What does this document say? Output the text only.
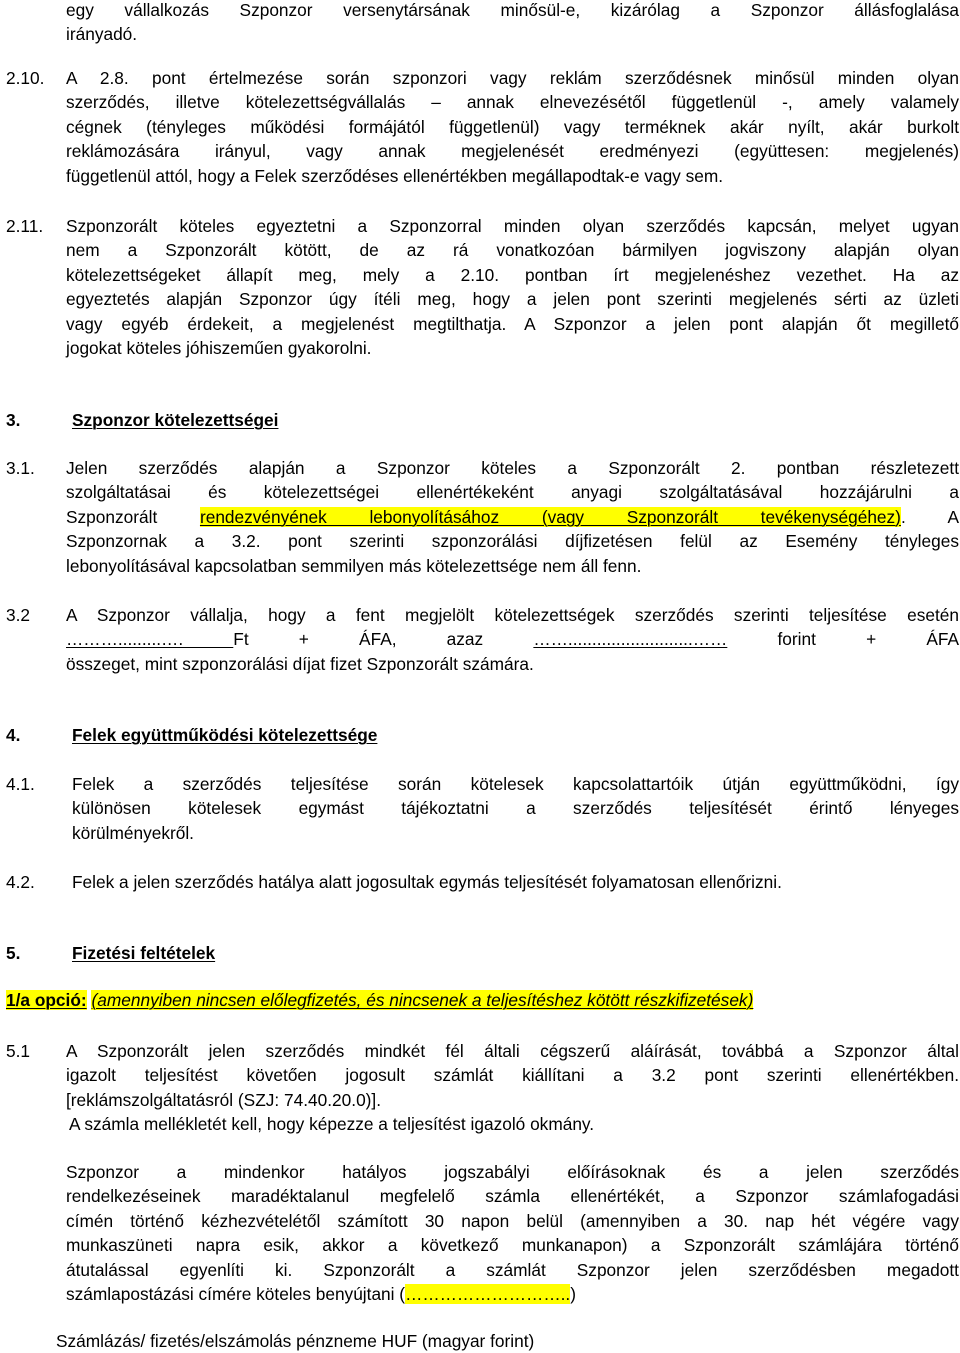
egy vállalkozás Szponzor versenytársának minősül-e, kizárólag a Szponzor állásfoglalása
irányadó.
2.10. A 2.8. pont értelmezése során szponzori vagy reklám szerződésnek minősül minden olyan
szerződés, illetve kötelezettségvállalás – annak elnevezésétől függetlenül -, amely valamely
cégnek (tényleges működési formájától függetlenül) vagy terméknek akár nyílt, akár burkolt
reklámozására irányul, vagy annak megjelenését eredményezi (együttesen: megjelenés)
függetlenül attól, hogy a Felek szerződéses ellenértékben megállapodtak-e vagy sem.
2.11. Szponzorált köteles egyeztetni a Szponzorral minden olyan szerződés kapcsán, melyet ugyan
nem a Szponzorált kötött, de az rá vonatkozóan bármilyen jogviszony alapján olyan
kötelezettségeket állapít meg, mely a 2.10. pontban írt megjelenéshez vezethet. Ha az
egyeztetés alapján Szponzor úgy ítéli meg, hogy a jelen pont szerinti megjelenés sérti az üzleti
vagy egyéb érdekeit, a megjelenést megtilthatja. A Szponzor a jelen pont alapján őt megillető
jogokat köteles jóhiszeműen gyakorolni.
3.	Szponzor kötelezettségei
3.1. Jelen szerződés alapján a Szponzor köteles a Szponzorált 2. pontban részletezett
szolgáltatásai és kötelezettségei ellenértékeként anyagi szolgáltatásával hozzájárulni a
Szponzorált rendezvényének lebonyolításához (vagy Szponzorált tevékenységéhez). A
Szponzornak a 3.2. pont szerinti szponzorálási díjfizetésen felül az Esemény tényleges
lebonyolításával kapcsolatban semmilyen más kötelezettsége nem áll fenn.
3.2 A Szponzor vállalja, hogy a fent megjelölt kötelezettségek szerződés szerinti teljesítése esetén
……….........…. Ft + ÁFA, azaz	……..........................……	forint + ÁFA
összeget, mint szponzorálási díjat fizet Szponzorált számára.
4.	Felek együttműködési kötelezettsége
4.1. Felek a szerződés teljesítése során kötelesek kapcsolattartóik útján együttműködni, így
különösen kötelesek egymást tájékoztatni a szerződés teljesítését érintő lényeges
körülményekről.
4.2. Felek a jelen szerződés hatálya alatt jogosultak egymás teljesítését folyamatosan ellenőrizni.
5.	Fizetési feltételek
1/a opció: (amennyiben nincsen előlegfizetés, és nincsenek a teljesítéshez kötött részkifizetések)
5.1 A Szponzorált jelen szerződés mindkét fél általi cégszerű aláírását, továbbá a Szponzor által
igazolt teljesítést követően jogosult számlát kiállítani a 3.2 pont szerinti ellenértékben.
[reklámszolgáltatásról (SZJ: 74.40.20.0)].
A számla mellékletét kell, hogy képezze a teljesítést igazoló okmány.
Szponzor a mindenkor hatályos jogszabályi előírásoknak és a jelen szerződés
rendelkezéseinek maradéktalanul megfelelő számla ellenértékét, a Szponzor számlafogadási
címén történő kézhezvételétől számított 30 napon belül (amennyiben a 30. nap hét végére vagy
munkaszüneti napra esik, akkor a következő munkanapon) a Szponzorált számlájára történő
átutalással egyenlíti ki. Szponzorált a számlát Szponzor jelen szerződésben megadott
számlapostázási címére köteles benyújtani (………………………..)
Számlázás/ fizetés/elszámolás pénzneme HUF (magyar forint)
